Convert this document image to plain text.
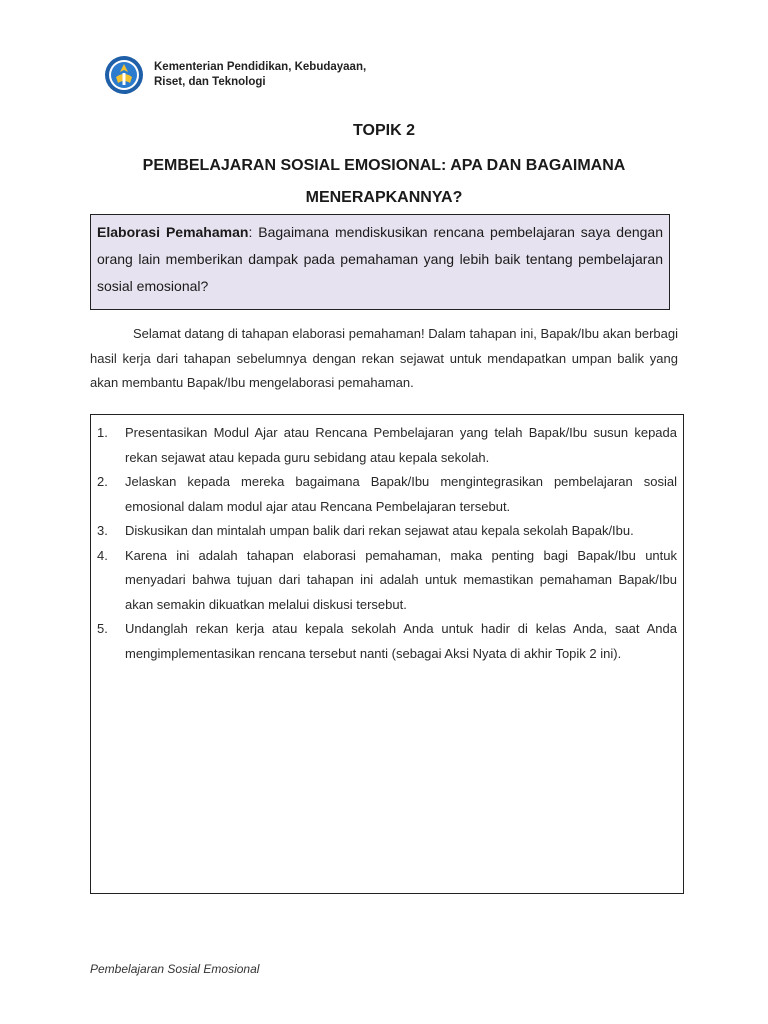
Kementerian Pendidikan, Kebudayaan,
Riset, dan Teknologi
TOPIK 2
PEMBELAJARAN SOSIAL EMOSIONAL: APA DAN BAGAIMANA MENERAPKANNYA?
Elaborasi Pemahaman: Bagaimana mendiskusikan rencana pembelajaran saya dengan orang lain memberikan dampak pada pemahaman yang lebih baik tentang pembelajaran sosial emosional?
Selamat datang di tahapan elaborasi pemahaman! Dalam tahapan ini, Bapak/Ibu akan berbagi hasil kerja dari tahapan sebelumnya dengan rekan sejawat untuk mendapatkan umpan balik yang akan membantu Bapak/Ibu mengelaborasi pemahaman.
1.	Presentasikan Modul Ajar atau Rencana Pembelajaran yang telah Bapak/Ibu susun kepada rekan sejawat atau kepada guru sebidang atau kepala sekolah.
2.	Jelaskan kepada mereka bagaimana Bapak/Ibu mengintegrasikan pembelajaran sosial emosional dalam modul ajar atau Rencana Pembelajaran tersebut.
3.	Diskusikan dan mintalah umpan balik dari rekan sejawat atau kepala sekolah Bapak/Ibu.
4.	Karena ini adalah tahapan elaborasi pemahaman, maka penting bagi Bapak/Ibu untuk menyadari bahwa tujuan dari tahapan ini adalah untuk memastikan pemahaman Bapak/Ibu akan semakin dikuatkan melalui diskusi tersebut.
5.	Undanglah rekan kerja atau kepala sekolah Anda untuk hadir di kelas Anda, saat Anda mengimplementasikan rencana tersebut nanti (sebagai Aksi Nyata di akhir Topik 2 ini).
Pembelajaran Sosial Emosional
